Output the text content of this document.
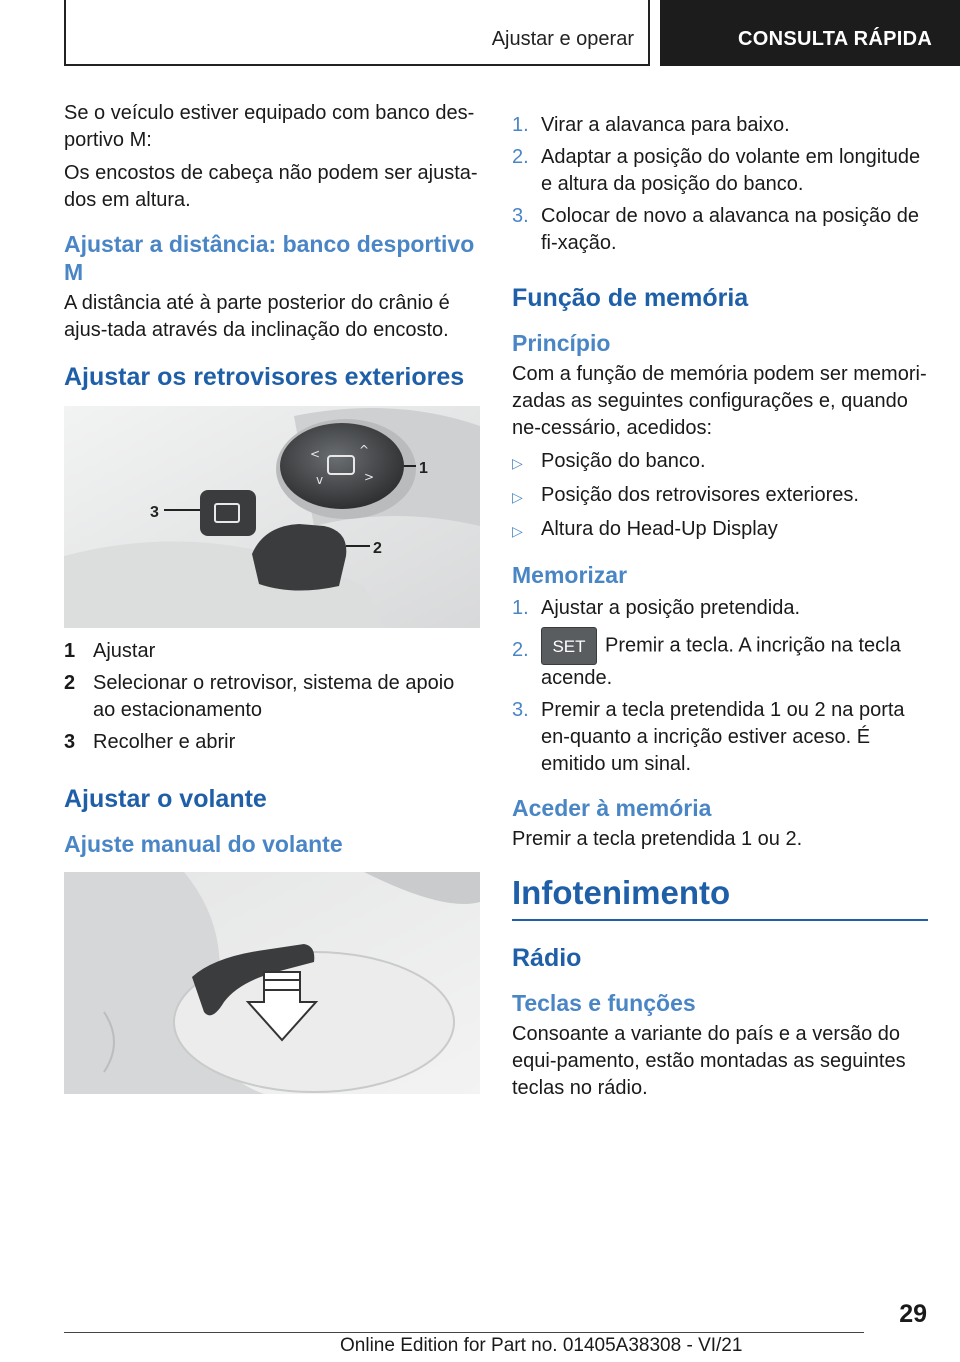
Ajustar e operar	CONSULTA RÁPIDA

Se o veículo estiver equipado com banco des-portivo M:

Os encostos de cabeça não podem ser ajusta-dos em altura.

Ajustar a distância: banco desportivo M

A distância até à parte posterior do crânio é ajus-tada através da inclinação do encosto.

Ajustar os retrovisores exteriores
<	^
v	>	1
3
2
1 Ajustar
2 Selecionar o retrovisor, sistema de apoio ao estacionamento
3 Recolher e abrir
Ajustar o volante
Ajuste manual do volante
1. Virar a alavanca para baixo.
2. Adaptar a posição do volante em longitude e altura da posição do banco.
3. Colocar de novo a alavanca na posição de fi-xação.
Função de memória
Princípio

Com a função de memória podem ser memori-zadas as seguintes configurações e, quando ne-cessário, acedidos:

▷ Posição do banco.
▷ Posição dos retrovisores exteriores.
▷ Altura do Head-Up Display
Memorizar
1. Ajustar a posição pretendida.
2.	SET Premir a tecla. A incrição na tecla acende.
3. Premir a tecla pretendida 1 ou 2 na porta en-quanto a incrição estiver aceso. É emitido um sinal.
Aceder à memória

Premir a tecla pretendida 1 ou 2.

Infotenimento
Rádio
Teclas e funções

Consoante a variante do país e a versão do equi-pamento, estão montadas as seguintes teclas no rádio.

29
Online Edition for Part no. 01405A38308 - VI/21
